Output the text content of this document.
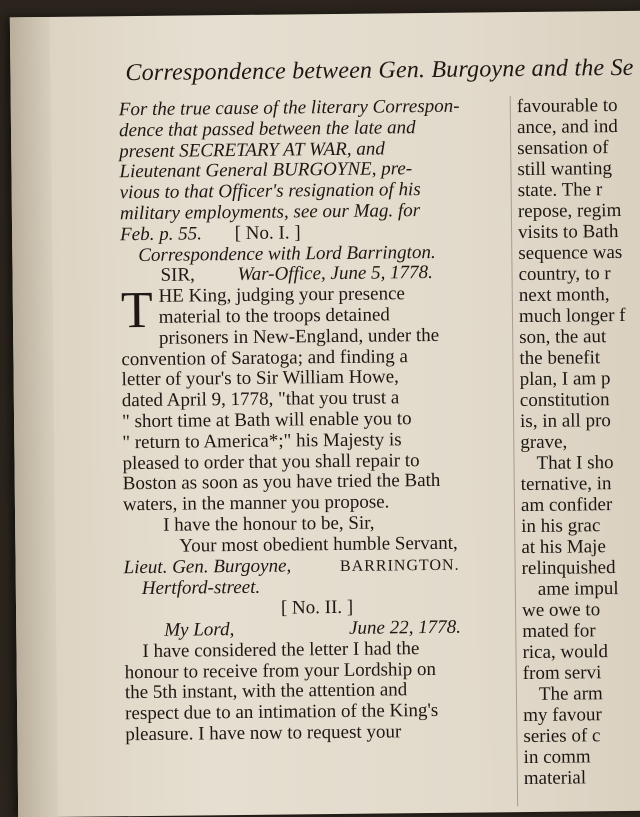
Correspondence between Gen. Burgoyne and the Se
For the true cause of the literary Correspon-
dence that passed between the late and
present SECRETARY AT WAR, and
Lieutenant General BURGOYNE, pre-
vious to that Officer's resignation of his
military employments, see our Mag. for
Feb. p. 55. [ No. I. ]
Correspondence with Lord Barrington.
SIR, War-Office, June 5, 1778.
T HE King, judging your presence
material to the troops detained
prisoners in New-England, under the
convention of Saratoga; and finding a
letter of your's to Sir William Howe,
dated April 9, 1778, "that you trust a
" short time at Bath will enable you to
" return to America*;" his Majesty is
pleased to order that you shall repair to
Boston as soon as you have tried the Bath
waters, in the manner you propose.
I have the honour to be, Sir,
Your most obedient humble Servant,
Lieut. Gen. Burgoyne,	BARRINGTON.
Hertford-street.
[ No. II. ]
My Lord,	June 22, 1778.
I have considered the letter I had the
honour to receive from your Lordship on
the 5th instant, with the attention and
respect due to an intimation of the King's
pleasure. I have now to request your
favourable to
ance, and ind
sensation of
still wanting
state. The r
repose, regim
visits to Bath
sequence was
country, to r
next month,
much longer f
son, the aut
the benefit
plan, I am p
constitution
is, in all pro
grave,
That I sho
ternative, in
am confider
in his grac
at his Maje
relinquished
ame impul
we owe to
mated for
rica, would
from servi
The arm
my favour
series of c
in comm
material
